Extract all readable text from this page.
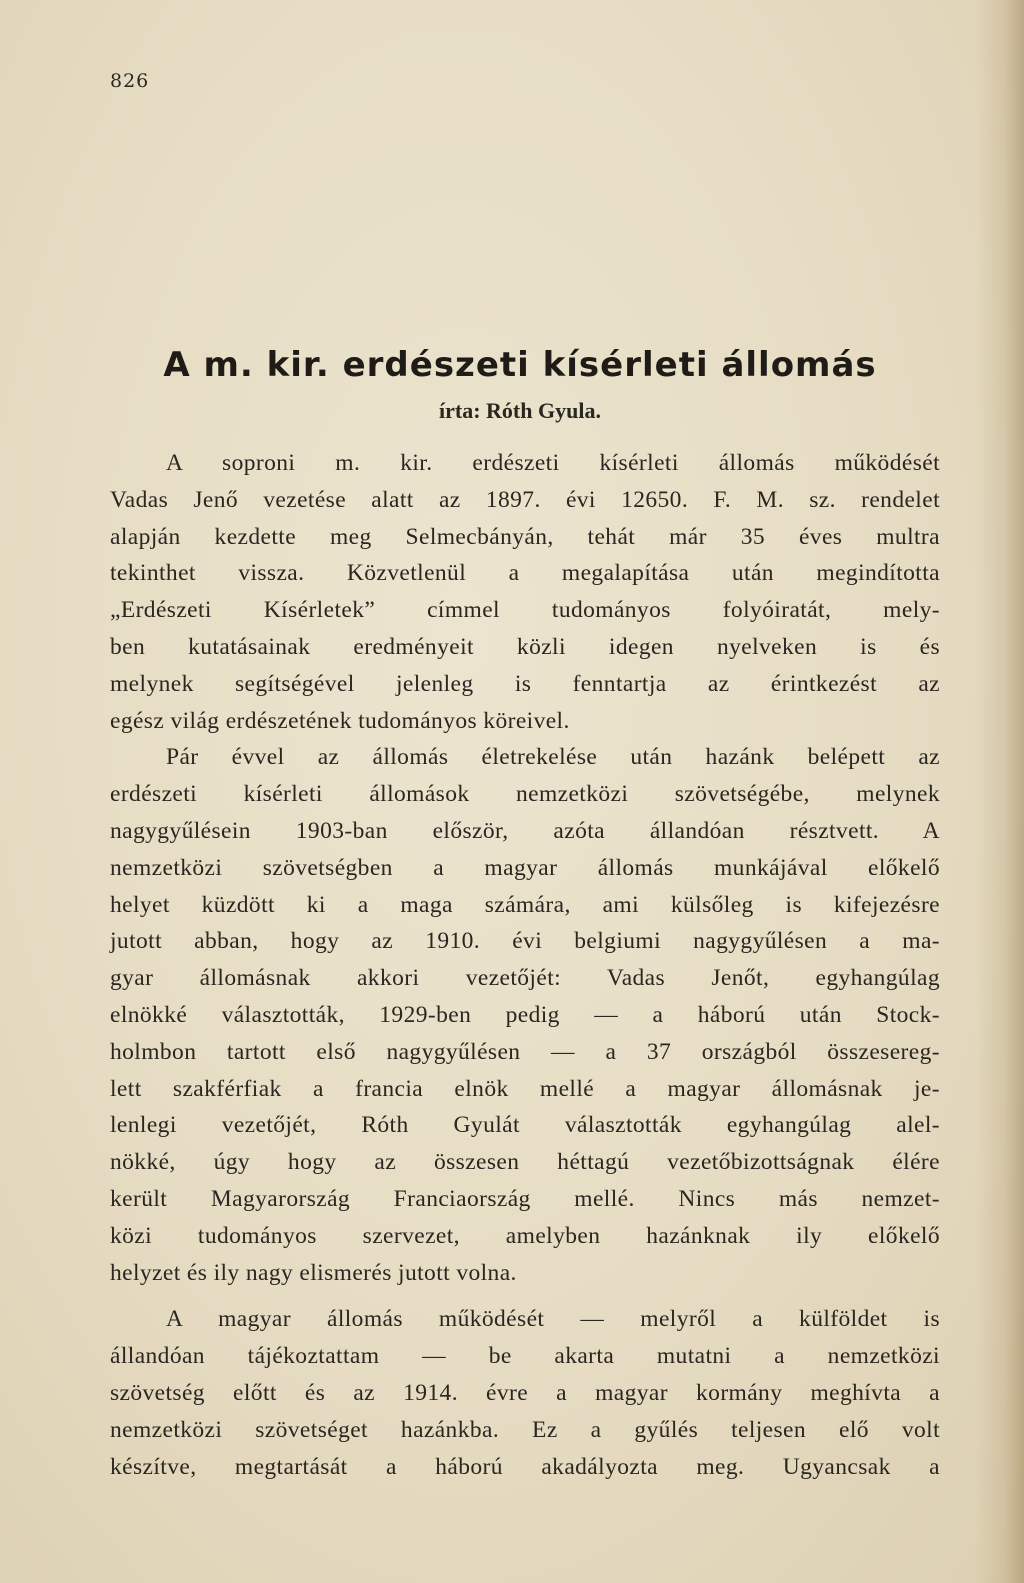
826
A m. kir. erdészeti kísérleti állomás
írta: Róth Gyula.
A soproni m. kir. erdészeti kísérleti állomás működését
Vadas Jenő vezetése alatt az 1897. évi 12650. F. M. sz. rendelet
alapján kezdette meg Selmecbányán, tehát már 35 éves multra
tekinthet vissza. Közvetlenül a megalapítása után megindította
„Erdészeti Kísérletek” címmel tudományos folyóiratát, mely-
ben kutatásainak eredményeit közli idegen nyelveken is és
melynek segítségével jelenleg is fenntartja az érintkezést az
egész világ erdészetének tudományos köreivel.
Pár évvel az állomás életrekelése után hazánk belépett az
erdészeti kísérleti állomások nemzetközi szövetségébe, melynek
nagygyűlésein 1903-ban először, azóta állandóan résztvett. A
nemzetközi szövetségben a magyar állomás munkájával előkelő
helyet küzdött ki a maga számára, ami külsőleg is kifejezésre
jutott abban, hogy az 1910. évi belgiumi nagygyűlésen a ma-
gyar állomásnak akkori vezetőjét: Vadas Jenőt, egyhangúlag
elnökké választották, 1929-ben pedig — a háború után Stock-
holmbon tartott első nagygyűlésen — a 37 országból összesereg-
lett szakférfiak a francia elnök mellé a magyar állomásnak je-
lenlegi vezetőjét, Róth Gyulát választották egyhangúlag alel-
nökké, úgy hogy az összesen héttagú vezetőbizottságnak élére
került Magyarország Franciaország mellé. Nincs más nemzet-
közi tudományos szervezet, amelyben hazánknak ily előkelő
helyzet és ily nagy elismerés jutott volna.
A magyar állomás működését — melyről a külföldet is
állandóan tájékoztattam — be akarta mutatni a nemzetközi
szövetség előtt és az 1914. évre a magyar kormány meghívta a
nemzetközi szövetséget hazánkba. Ez a gyűlés teljesen elő volt
készítve, megtartását a háború akadályozta meg. Ugyancsak a
